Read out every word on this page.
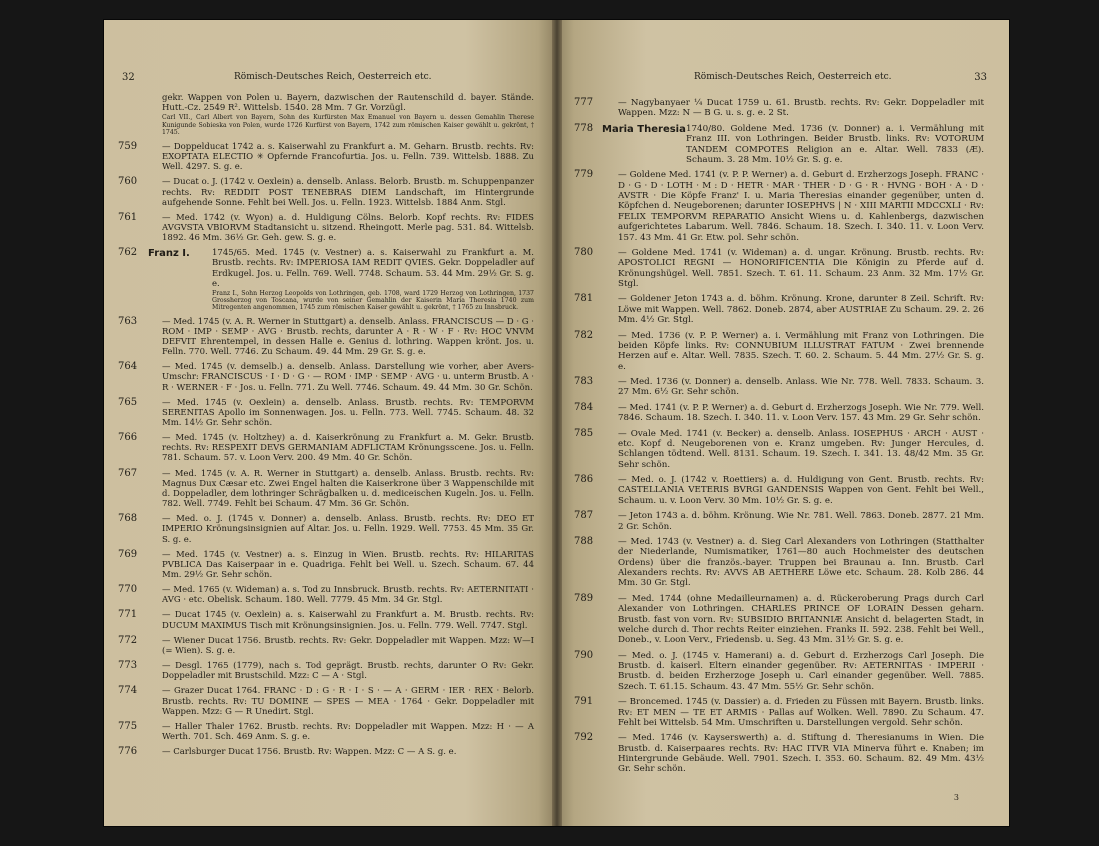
32	Römisch-Deutsches Reich, Oesterreich etc.
gekr. Wappen von Polen u. Bayern, dazwischen der Rautenschild d. bayer. Stände. Hutt.-Cz. 2549 R². Wittelsb. 1540. 28 Mm. 7 Gr. Vorzügl.
Carl VII., Carl Albert von Bayern, Sohn des Kurfürsten Max Emanuel von Bayern u. dessen Gemahlin Therese Kunigunde Sobieska von Polen, wurde 1726 Kurfürst von Bayern, 1742 zum römischen Kaiser gewählt u. gekrönt, † 1745.
759	— Doppelducat 1742 a. s. Kaiserwahl zu Frankfurt a. M. Geharn. Brustb. rechts. Rv: EXOPTATA ELECTIO ✳ Opfernde Francofurtia. Jos. u. Felln. 739. Wittelsb. 1888. Zu Well. 4297. S. g. e.
760	— Ducat o. J. (1742 v. Oexlein) a. denselb. Anlass. Belorb. Brustb. m. Schuppenpanzer rechts. Rv: REDDIT POST TENEBRAS DIEM Landschaft, im Hintergrunde aufgehende Sonne. Fehlt bei Well. Jos. u. Felln. 1923. Wittelsb. 1884 Anm. Stgl.
761	— Med. 1742 (v. Wyon) a. d. Huldigung Cölns. Belorb. Kopf rechts. Rv: FIDES AVGVSTA VBIORVM Stadtansicht u. sitzend. Rheingott. Merle pag. 531. 84. Wittelsb. 1892. 46 Mm. 36½ Gr. Geh. gew. S. g. e.
762 Franz I.	1745/65. Med. 1745 (v. Vestner) a. s. Kaiserwahl zu Frankfurt a. M. Brustb. rechts. Rv: IMPERIOSA IAM REDIT QVIES. Gekr. Doppeladler auf Erdkugel. Jos. u. Felln. 769. Well. 7748. Schaum. 53. 44 Mm. 29½ Gr. S. g. e.
Franz I., Sohn Herzog Leopolds von Lothringen, geb. 1708, ward 1729 Herzog von Lothringen, 1737 Grossherzog von Toscana, wurde von seiner Gemahlin der Kaiserin Maria Theresia 1740 zum Mitregenten angenommen, 1745 zum römischen Kaiser gewählt u. gekrönt, † 1765 zu Innsbruck.
763	— Med. 1745 (v. A. R. Werner in Stuttgart) a. denselb. Anlass. FRANCISCUS — D · G · ROM · IMP · SEMP · AVG · Brustb. rechts, darunter A · R · W · F · Rv: HOC VNVM DEFVIT Ehrentempel, in dessen Halle e. Genius d. lothring. Wappen krönt. Jos. u. Felln. 770. Well. 7746. Zu Schaum. 49. 44 Mm. 29 Gr. S. g. e.
764	— Med. 1745 (v. demselb.) a. denselb. Anlass. Darstellung wie vorher, aber Avers-Umschr: FRANCISCUS · I · D · G · — ROM · IMP · SEMP · AVG · u. unterm Brustb. A · R · WERNER · F · Jos. u. Felln. 771. Zu Well. 7746. Schaum. 49. 44 Mm. 30 Gr. Schön.
765	— Med. 1745 (v. Oexlein) a. denselb. Anlass. Brustb. rechts. Rv: TEMPORVM SERENITAS Apollo im Sonnenwagen. Jos. u. Felln. 773. Well. 7745. Schaum. 48. 32 Mm. 14½ Gr. Sehr schön.
766	— Med. 1745 (v. Holtzhey) a. d. Kaiserkrönung zu Frankfurt a. M. Gekr. Brustb. rechts. Rv: RESPEXIT DEVS GERMANIAM ADFLICTAM Krönungsscene. Jos. u. Felln. 781. Schaum. 57. v. Loon Verv. 200. 49 Mm. 40 Gr. Schön.
767	— Med. 1745 (v. A. R. Werner in Stuttgart) a. denselb. Anlass. Brustb. rechts. Rv: Magnus Dux Cæsar etc. Zwei Engel halten die Kaiserkrone über 3 Wappenschilde mit d. Doppeladler, dem lothringer Schrägbalken u. d. mediceischen Kugeln. Jos. u. Felln. 782. Well. 7749. Fehlt bei Schaum. 47 Mm. 36 Gr. Schön.
768	— Med. o. J. (1745 v. Donner) a. denselb. Anlass. Brustb. rechts. Rv: DEO ET IMPERIO Krönungsinsignien auf Altar. Jos. u. Felln. 1929. Well. 7753. 45 Mm. 35 Gr. S. g. e.
769	— Med. 1745 (v. Vestner) a. s. Einzug in Wien. Brustb. rechts. Rv: HILARITAS PVBLICA Das Kaiserpaar in e. Quadriga. Fehlt bei Well. u. Szech. Schaum. 67. 44 Mm. 29½ Gr. Sehr schön.
770	— Med. 1765 (v. Wideman) a. s. Tod zu Innsbruck. Brustb. rechts. Rv: AETERNITATI · AVG · etc. Obelisk. Schaum. 180. Well. 7779. 45 Mm. 34 Gr. Stgl.
771	— Ducat 1745 (v. Oexlein) a. s. Kaiserwahl zu Frankfurt a. M. Brustb. rechts. Rv: DUCUM MAXIMUS Tisch mit Krönungsinsignien. Jos. u. Felln. 779. Well. 7747. Stgl.
772	— Wiener Ducat 1756. Brustb. rechts. Rv: Gekr. Doppeladler mit Wappen. Mzz: W—I (= Wien). S. g. e.
773	— Desgl. 1765 (1779), nach s. Tod geprägt. Brustb. rechts, darunter O Rv: Gekr. Doppeladler mit Brustschild. Mzz: C — A · Stgl.
774	— Grazer Ducat 1764. FRANC · D : G · R · I · S · — A · GERM · IER · REX · Belorb. Brustb. rechts. Rv: TU DOMINE — SPES — MEA · 1764 · Gekr. Doppeladler mit Wappen. Mzz: G — R Unedirt. Stgl.
775	— Haller Thaler 1762. Brustb. rechts. Rv: Doppeladler mit Wappen. Mzz: H · — A Werth. 701. Sch. 469 Anm. S. g. e.
776	— Carlsburger Ducat 1756. Brustb. Rv: Wappen. Mzz: C — A S. g. e.
Römisch-Deutsches Reich, Oesterreich etc.	33
777	— Nagybanyaer ¼ Ducat 1759 u. 61. Brustb. rechts. Rv: Gekr. Doppeladler mit Wappen. Mzz: N — B G. u. s. g. e. 2 St.
778 Maria Theresia 1740/80. Goldene Med. 1736 (v. Donner) a. i. Vermählung mit Franz III. von Lothringen. Beider Brustb. links. Rv: VOTORUM TANDEM COMPOTES Religion an e. Altar. Well. 7833 (Æ). Schaum. 3. 28 Mm. 10½ Gr. S. g. e.
779	— Goldene Med. 1741 (v. P. P. Werner) a. d. Geburt d. Erzherzogs Joseph. FRANC · D · G · D · LOTH · M : D · HETR · MAR · THER · D · G · R · HVNG · BOH · A · D · AVSTR · Die Köpfe Franz' I. u. Maria Theresias einander gegenüber, unten d. Köpfchen d. Neugeborenen; darunter IOSEPHVS | N · XIII MARTII MDCCXLI · Rv: FELIX TEMPORVM REPARATIO Ansicht Wiens u. d. Kahlenbergs, dazwischen aufgerichtetes Labarum. Well. 7846. Schaum. 18. Szech. I. 340. 11. v. Loon Verv. 157. 43 Mm. 41 Gr. Etw. pol. Sehr schön.
780	— Goldene Med. 1741 (v. Wideman) a. d. ungar. Krönung. Brustb. rechts. Rv: APOSTOLICI REGNI — HONORIFICENTIA Die Königin zu Pferde auf d. Krönungshügel. Well. 7851. Szech. T. 61. 11. Schaum. 23 Anm. 32 Mm. 17½ Gr. Stgl.
781	— Goldener Jeton 1743 a. d. böhm. Krönung. Krone, darunter 8 Zeil. Schrift. Rv: Löwe mit Wappen. Well. 7862. Doneb. 2874, aber AUSTRIAE Zu Schaum. 29. 2. 26 Mm. 4½ Gr. Stgl.
782	— Med. 1736 (v. P. P. Werner) a. i. Vermählung mit Franz von Lothringen. Die beiden Köpfe links. Rv: CONNUBIUM ILLUSTRAT FATUM · Zwei brennende Herzen auf e. Altar. Well. 7835. Szech. T. 60. 2. Schaum. 5. 44 Mm. 27½ Gr. S. g. e.
783	— Med. 1736 (v. Donner) a. denselb. Anlass. Wie Nr. 778. Well. 7833. Schaum. 3. 27 Mm. 6½ Gr. Sehr schön.
784	— Med. 1741 (v. P. P. Werner) a. d. Geburt d. Erzherzogs Joseph. Wie Nr. 779. Well. 7846. Schaum. 18. Szech. I. 340. 11. v. Loon Verv. 157. 43 Mm. 29 Gr. Sehr schön.
785	— Ovale Med. 1741 (v. Becker) a. denselb. Anlass. IOSEPHUS · ARCH · AUST · etc. Kopf d. Neugeborenen von e. Kranz umgeben. Rv: Junger Hercules, d. Schlangen tödtend. Well. 8131. Schaum. 19. Szech. I. 341. 13. 48/42 Mm. 35 Gr. Sehr schön.
786	— Med. o. J. (1742 v. Roettiers) a. d. Huldigung von Gent. Brustb. rechts. Rv: CASTELLANIA VETERIS BVRGI GANDENSIS Wappen von Gent. Fehlt bei Well., Schaum. u. v. Loon Verv. 30 Mm. 10½ Gr. S. g. e.
787	— Jeton 1743 a. d. böhm. Krönung. Wie Nr. 781. Well. 7863. Doneb. 2877. 21 Mm. 2 Gr. Schön.
788	— Med. 1743 (v. Vestner) a. d. Sieg Carl Alexanders von Lothringen (Statthalter der Niederlande, Numismatiker, 1761—80 auch Hochmeister des deutschen Ordens) über die französ.-bayer. Truppen bei Braunau a. Inn. Brustb. Carl Alexanders rechts. Rv: AVVS AB AETHERE Löwe etc. Schaum. 28. Kolb 286. 44 Mm. 30 Gr. Stgl.
789	— Med. 1744 (ohne Medailleurnamen) a. d. Rückeroberung Prags durch Carl Alexander von Lothringen. CHARLES PRINCE OF LORAIN Dessen geharn. Brustb. fast von vorn. Rv: SUBSIDIO BRITANNIÆ Ansicht d. belagerten Stadt, in welche durch d. Thor rechts Reiter einziehen. Franks II. 592. 238. Fehlt bei Well., Doneb., v. Loon Verv., Friedensb. u. Seg. 43 Mm. 31½ Gr. S. g. e.
790	— Med. o. J. (1745 v. Hamerani) a. d. Geburt d. Erzherzogs Carl Joseph. Die Brustb. d. kaiserl. Eltern einander gegenüber. Rv: AETERNITAS · IMPERII · Brustb. d. beiden Erzherzoge Joseph u. Carl einander gegenüber. Well. 7885. Szech. T. 61.15. Schaum. 43. 47 Mm. 55½ Gr. Sehr schön.
791	— Broncemed. 1745 (v. Dassier) a. d. Frieden zu Füssen mit Bayern. Brustb. links. Rv: ET MEN — TE ET ARMIS · Pallas auf Wolken. Well. 7890. Zu Schaum. 47. Fehlt bei Wittelsb. 54 Mm. Umschriften u. Darstellungen vergold. Sehr schön.
792	— Med. 1746 (v. Kayserswerth) a. d. Stiftung d. Theresianums in Wien. Die Brustb. d. Kaiserpaares rechts. Rv: HAC ITVR VIA Minerva führt e. Knaben; im Hintergrunde Gebäude. Well. 7901. Szech. I. 353. 60. Schaum. 82. 49 Mm. 43½ Gr. Sehr schön.
3
